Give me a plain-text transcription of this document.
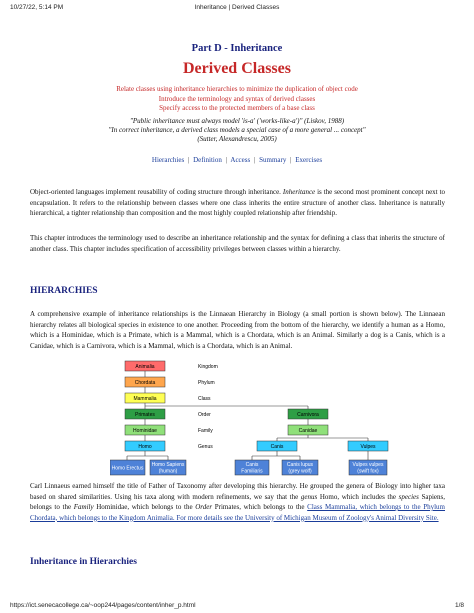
10/27/22, 5:14 PM	Inheritance | Derived Classes
https://ict.senecacollege.ca/~oop244/pages/content/inher_p.html	1/8
Part D - Inheritance
Derived Classes
Relate classes using inheritance hierarchies to minimize the duplication of object code
Introduce the terminology and syntax of derived classes
Specify access to the protected members of a base class
"Public inheritance must always model 'is-a' ('works-like-a')" (Liskov, 1988)
"In correct inheritance, a derived class models a special case of a more general ... concept"
(Sutter, Alexandrescu, 2005)
Hierarchies | Definition | Access | Summary | Exercises
Object-oriented languages implement reusability of coding structure through inheritance. Inheritance is the second most prominent concept next to encapsulation. It refers to the relationship between classes where one class inherits the entire structure of another class. Inheritance is naturally hierarchical, a tighter relationship than composition and the most highly coupled relationship after friendship.
This chapter introduces the terminology used to describe an inheritance relationship and the syntax for defining a class that inherits the structure of another class. This chapter includes specification of accessibility privileges between classes within a hierarchy.
HIERARCHIES
A comprehensive example of inheritance relationships is the Linnaean Hierarchy in Biology (a small portion is shown below). The Linnaean hierarchy relates all biological species in existence to one another. Proceeding from the bottom of the hierarchy, we identify a human as a Homo, which is a Hominidae, which is a Primate, which is a Mammal, which is a Chordata, which is an Animal. Similarly a dog is a Canis, which is a Canidae, which is a Carnivora, which is a Mammal, which is a Chordata, which is an Animal.
Animalia
Chordata
Mammalia
Primates
Hominidae
Homo
Kingdom
Phylum
Class
Order
Family
Genus
Carnivora
Canidae
Canis	Vulpes
Homo Erectus
Homo Sapiens
(human)
Canis
Familiaris
Canis lupus
(grey wolf)
Vulpes vulpes
(swift fox)
Carl Linnaeus earned himself the title of Father of Taxonomy after developing this hierarchy. He grouped the genera of Biology into higher taxa based on shared similarities. Using his taxa along with modern refinements, we say that the genus Homo, which includes the species Sapiens, belongs to the Family Hominidae, which belongs to the Order Primates, which belongs to the Class Mammalia, which belongs to the Phylum Chordata, which belongs to the Kingdom Animalia. For more details see the University of Michigan Museum of Zoology's Animal Diversity Site.
Inheritance in Hierarchies
